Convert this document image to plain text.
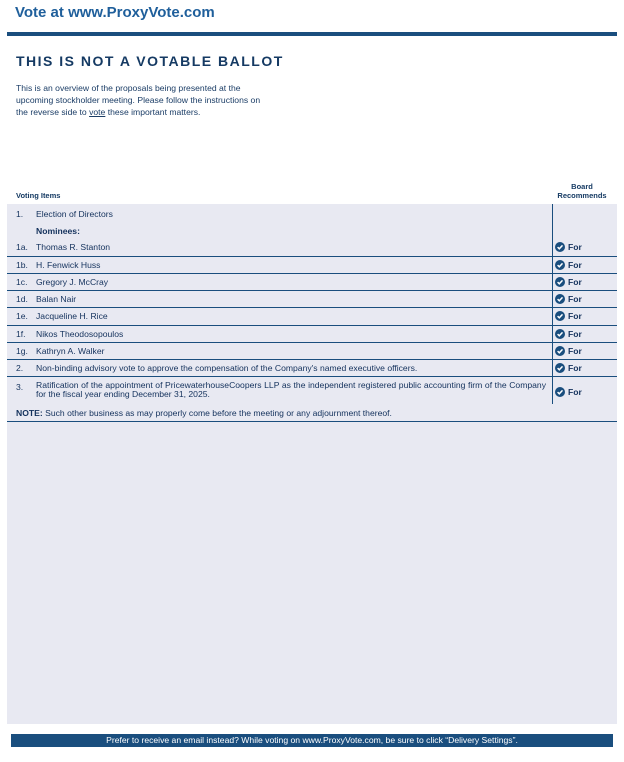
Vote at www.ProxyVote.com
THIS IS NOT A VOTABLE BALLOT
This is an overview of the proposals being presented at the
upcoming stockholder meeting. Please follow the instructions on
the reverse side to vote these important matters.
Voting Items
Board
Recommends
1. Election of Directors
Nominees:
1a. Thomas R. Stanton	For
1b. H. Fenwick Huss	For
1c. Gregory J. McCray	For
1d. Balan Nair	For
1e. Jacqueline H. Rice	For
1f. Nikos Theodosopoulos	For
1g. Kathryn A. Walker	For
2. Non-binding advisory vote to approve the compensation of the Company's named executive officers.	For
3. Ratification of the appointment of PricewaterhouseCoopers LLP as the independent registered public accounting firm of the Company for the fiscal year ending December 31, 2025.	For
NOTE: Such other business as may properly come before the meeting or any adjournment thereof.
Prefer to receive an email instead? While voting on www.ProxyVote.com, be sure to click “Delivery Settings”.
